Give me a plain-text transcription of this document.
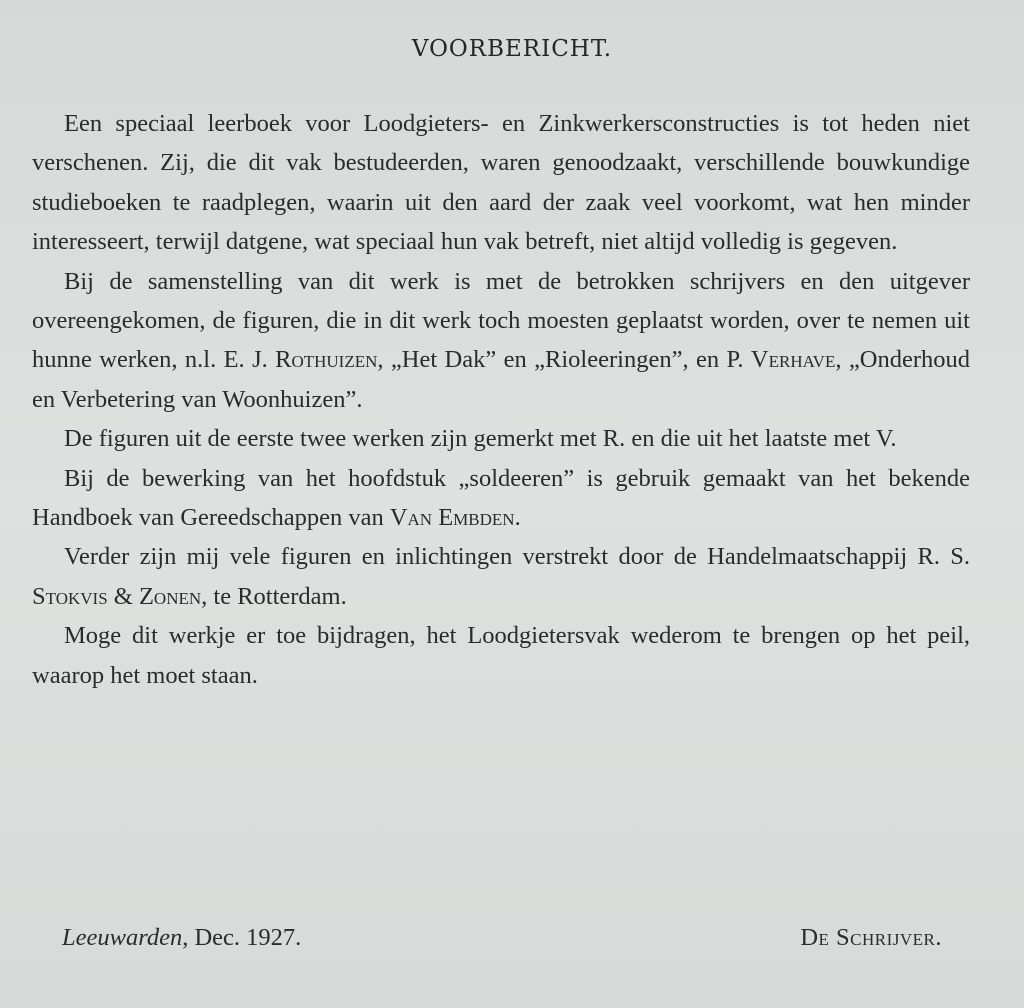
VOORBERICHT.

Een speciaal leerboek voor Loodgieters- en Zinkwerkersconstructies is tot heden niet verschenen. Zij, die dit vak bestudeerden, waren genoodzaakt, verschillende bouwkundige studieboeken te raadplegen, waarin uit den aard der zaak veel voorkomt, wat hen minder interesseert, terwijl datgene, wat speciaal hun vak betreft, niet altijd volledig is gegeven.

Bij de samenstelling van dit werk is met de betrokken schrijvers en den uitgever overeengekomen, de figuren, die in dit werk toch moesten geplaatst worden, over te nemen uit hunne werken, n.l. E. J. Rothuizen, „Het Dak” en „Rioleeringen”, en P. Verhave, „Onderhoud en Verbetering van Woonhuizen”.

De figuren uit de eerste twee werken zijn gemerkt met R. en die uit het laatste met V.

Bij de bewerking van het hoofdstuk „soldeeren” is gebruik gemaakt van het bekende Handboek van Gereedschappen van Van Embden.

Verder zijn mij vele figuren en inlichtingen verstrekt door de Handelmaatschappij R. S. Stokvis & Zonen, te Rotterdam.

Moge dit werkje er toe bijdragen, het Loodgietersvak wederom te brengen op het peil, waarop het moet staan.

Leeuwarden, Dec. 1927.	De Schrijver.
